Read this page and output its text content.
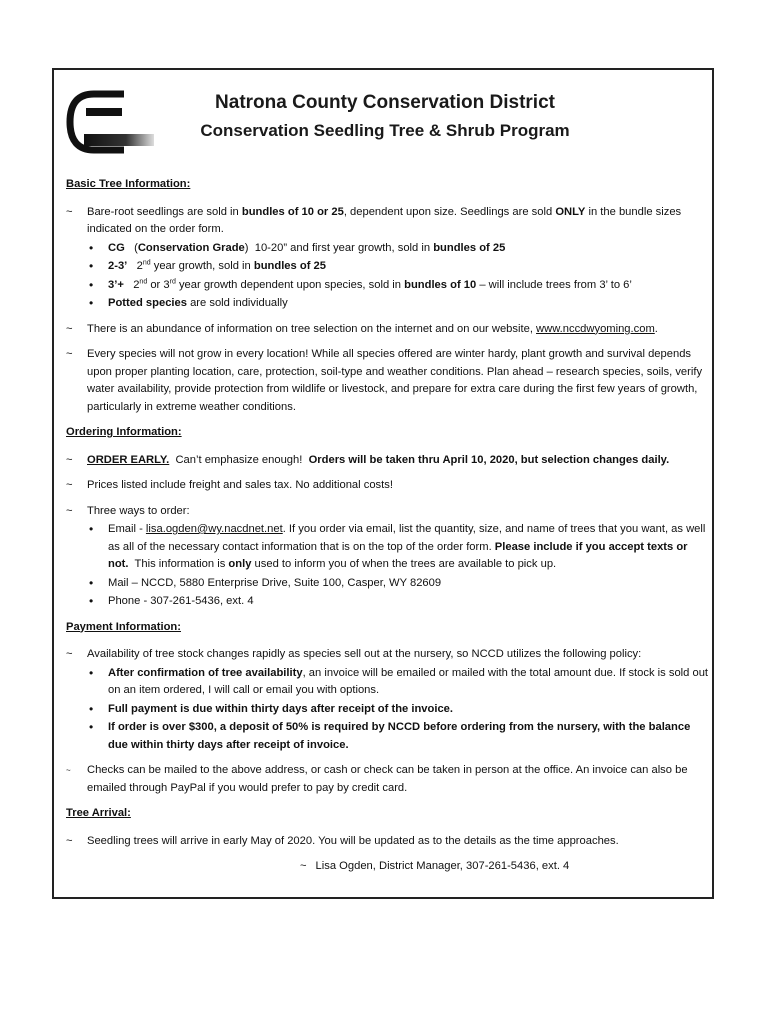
Natrona County Conservation District
Conservation Seedling Tree & Shrub Program
Basic Tree Information:
~ Bare-root seedlings are sold in bundles of 10 or 25, dependent upon size. Seedlings are sold ONLY in the bundle sizes indicated on the order form.
• CG   (Conservation Grade)  10-20” and first year growth, sold in bundles of 25
• 2-3’   2nd year growth, sold in bundles of 25
• 3’+   2nd or 3rd year growth dependent upon species, sold in bundles of 10 – will include trees from 3’ to 6’
• Potted species are sold individually
~ There is an abundance of information on tree selection on the internet and on our website, www.nccdwyoming.com.
~ Every species will not grow in every location! While all species offered are winter hardy, plant growth and survival depends upon proper planting location, care, protection, soil-type and weather conditions. Plan ahead – research species, soils, verify water availability, provide protection from wildlife or livestock, and prepare for extra care during the first few years of growth, particularly in extreme weather conditions.
Ordering Information:
~ ORDER EARLY.  Can’t emphasize enough!  Orders will be taken thru April 10, 2020, but selection changes daily.
~ Prices listed include freight and sales tax. No additional costs!
~ Three ways to order:
• Email - lisa.ogden@wy.nacdnet.net. If you order via email, list the quantity, size, and name of trees that you want, as well as all of the necessary contact information that is on the top of the order form. Please include if you accept texts or not.  This information is only used to inform you of when the trees are available to pick up.
• Mail – NCCD, 5880 Enterprise Drive, Suite 100, Casper, WY 82609
• Phone - 307-261-5436, ext. 4
Payment Information:
~ Availability of tree stock changes rapidly as species sell out at the nursery, so NCCD utilizes the following policy:
• After confirmation of tree availability, an invoice will be emailed or mailed with the total amount due. If stock is sold out on an item ordered, I will call or email you with options.
• Full payment is due within thirty days after receipt of the invoice.
• If order is over $300, a deposit of 50% is required by NCCD before ordering from the nursery, with the balance due within thirty days after receipt of invoice.
~ Checks can be mailed to the above address, or cash or check can be taken in person at the office. An invoice can also be emailed through PayPal if you would prefer to pay by credit card.
Tree Arrival:
~ Seedling trees will arrive in early May of 2020. You will be updated as to the details as the time approaches.
~ Lisa Ogden, District Manager, 307-261-5436, ext. 4
